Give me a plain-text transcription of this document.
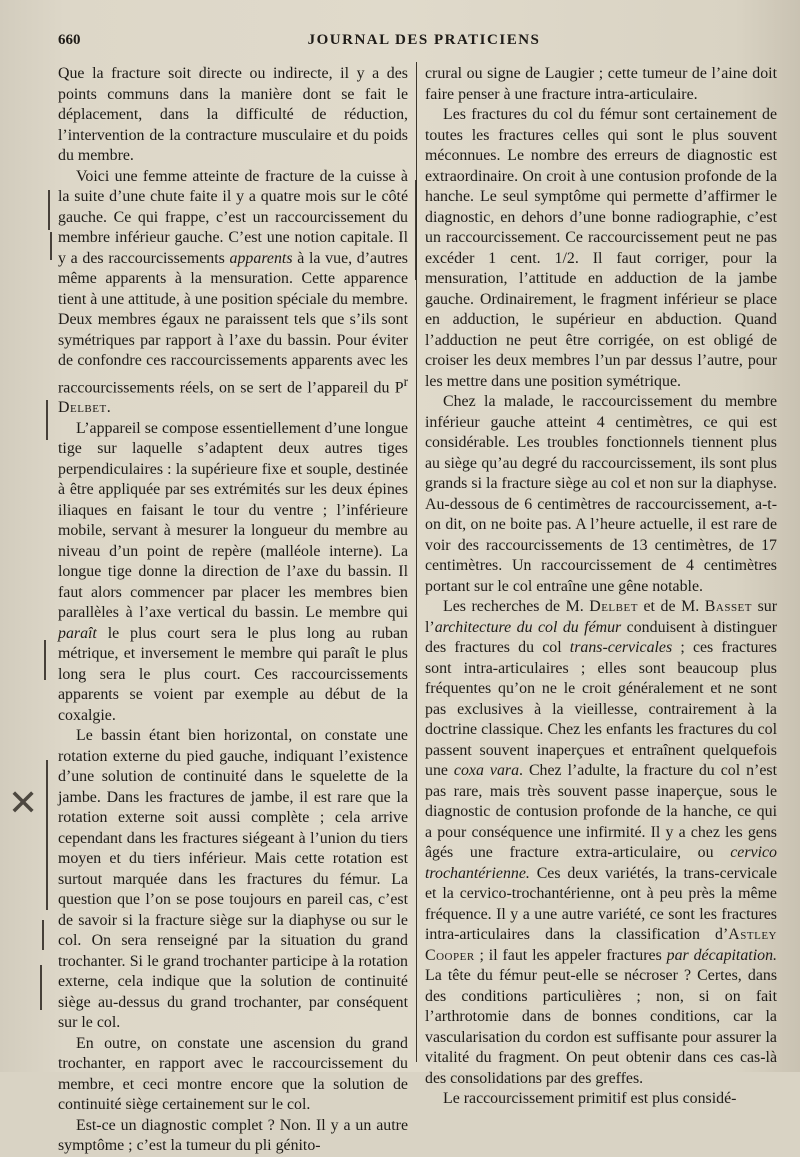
660	JOURNAL DES PRATICIENS
✕

Que la fracture soit directe ou indirecte, il y a des points communs dans la manière dont se fait le déplacement, dans la difficulté de réduction, l’intervention de la contracture musculaire et du poids du membre.

Voici une femme atteinte de fracture de la cuisse à la suite d’une chute faite il y a quatre mois sur le côté gauche. Ce qui frappe, c’est un raccourcissement du membre inférieur gauche. C’est une notion capitale. Il y a des raccourcissements apparents à la vue, d’autres même apparents à la mensuration. Cette apparence tient à une attitude, à une position spéciale du membre. Deux membres égaux ne paraissent tels que s’ils sont symétriques par rapport à l’axe du bassin. Pour éviter de confondre ces raccourcissements apparents avec les raccourcissements réels, on se sert de l’appareil du $P^r$ Delbet.

L’appareil se compose essentiellement d’une longue tige sur laquelle s’adaptent deux autres tiges perpendiculaires : la supérieure fixe et souple, destinée à être appliquée par ses extrémités sur les deux épines iliaques en faisant le tour du ventre ; l’inférieure mobile, servant à mesurer la longueur du membre au niveau d’un point de repère (malléole interne). La longue tige donne la direction de l’axe du bassin. Il faut alors commencer par placer les membres bien parallèles à l’axe vertical du bassin. Le membre qui paraît le plus court sera le plus long au ruban métrique, et inversement le membre qui paraît le plus long sera le plus court. Ces raccourcissements apparents se voient par exemple au début de la coxalgie.

Le bassin étant bien horizontal, on constate une rotation externe du pied gauche, indiquant l’existence d’une solution de continuité dans le squelette de la jambe. Dans les fractures de jambe, il est rare que la rotation externe soit aussi complète ; cela arrive cependant dans les fractures siégeant à l’union du tiers moyen et du tiers inférieur. Mais cette rotation est surtout marquée dans les fractures du fémur. La question que l’on se pose toujours en pareil cas, c’est de savoir si la fracture siège sur la diaphyse ou sur le col. On sera renseigné par la situation du grand trochanter. Si le grand trochanter participe à la rotation externe, cela indique que la solution de continuité siège au-dessus du grand trochanter, par conséquent sur le col.

En outre, on constate une ascension du grand trochanter, en rapport avec le raccourcissement du membre, et ceci montre encore que la solution de continuité siège certainement sur le col.

Est-ce un diagnostic complet ? Non. Il y a un autre symptôme ; c’est la tumeur du pli génito-

crural ou signe de Laugier ; cette tumeur de l’aine doit faire penser à une fracture intra-articulaire.

Les fractures du col du fémur sont certainement de toutes les fractures celles qui sont le plus souvent méconnues. Le nombre des erreurs de diagnostic est extraordinaire. On croit à une contusion profonde de la hanche. Le seul symptôme qui permette d’affirmer le diagnostic, en dehors d’une bonne radiographie, c’est un raccourcissement. Ce raccourcissement peut ne pas excéder 1 cent. 1/2. Il faut corriger, pour la mensuration, l’attitude en adduction de la jambe gauche. Ordinairement, le fragment inférieur se place en adduction, le supérieur en abduction. Quand l’adduction ne peut être corrigée, on est obligé de croiser les deux membres l’un par dessus l’autre, pour les mettre dans une position symétrique.

Chez la malade, le raccourcissement du membre inférieur gauche atteint 4 centimètres, ce qui est considérable. Les troubles fonctionnels tiennent plus au siège qu’au degré du raccourcissement, ils sont plus grands si la fracture siège au col et non sur la diaphyse. Au-dessous de 6 centimètres de raccourcissement, a-t-on dit, on ne boite pas. A l’heure actuelle, il est rare de voir des raccourcissements de 13 centimètres, de 17 centimètres. Un raccourcissement de 4 centimètres portant sur le col entraîne une gêne notable.

Les recherches de M. Delbet et de M. Basset sur l’architecture du col du fémur conduisent à distinguer des fractures du col trans-cervicales ; ces fractures sont intra-articulaires ; elles sont beaucoup plus fréquentes qu’on ne le croit généralement et ne sont pas exclusives à la vieillesse, contrairement à la doctrine classique. Chez les enfants les fractures du col passent souvent inaperçues et entraînent quelquefois une coxa vara. Chez l’adulte, la fracture du col n’est pas rare, mais très souvent passe inaperçue, sous le diagnostic de contusion profonde de la hanche, ce qui a pour conséquence une infirmité. Il y a chez les gens âgés une fracture extra-articulaire, ou cervico trochantérienne. Ces deux variétés, la trans-cervicale et la cervico-trochantérienne, ont à peu près la même fréquence. Il y a une autre variété, ce sont les fractures intra-articulaires dans la classification d’Astley Cooper ; il faut les appeler fractures par décapitation. La tête du fémur peut-elle se nécroser ? Certes, dans des conditions particulières ; non, si on fait l’arthrotomie dans de bonnes conditions, car la vascularisation du cordon est suffisante pour assurer la vitalité du fragment. On peut obtenir dans ces cas-là des consolidations par des greffes.

Le raccourcissement primitif est plus considé-
